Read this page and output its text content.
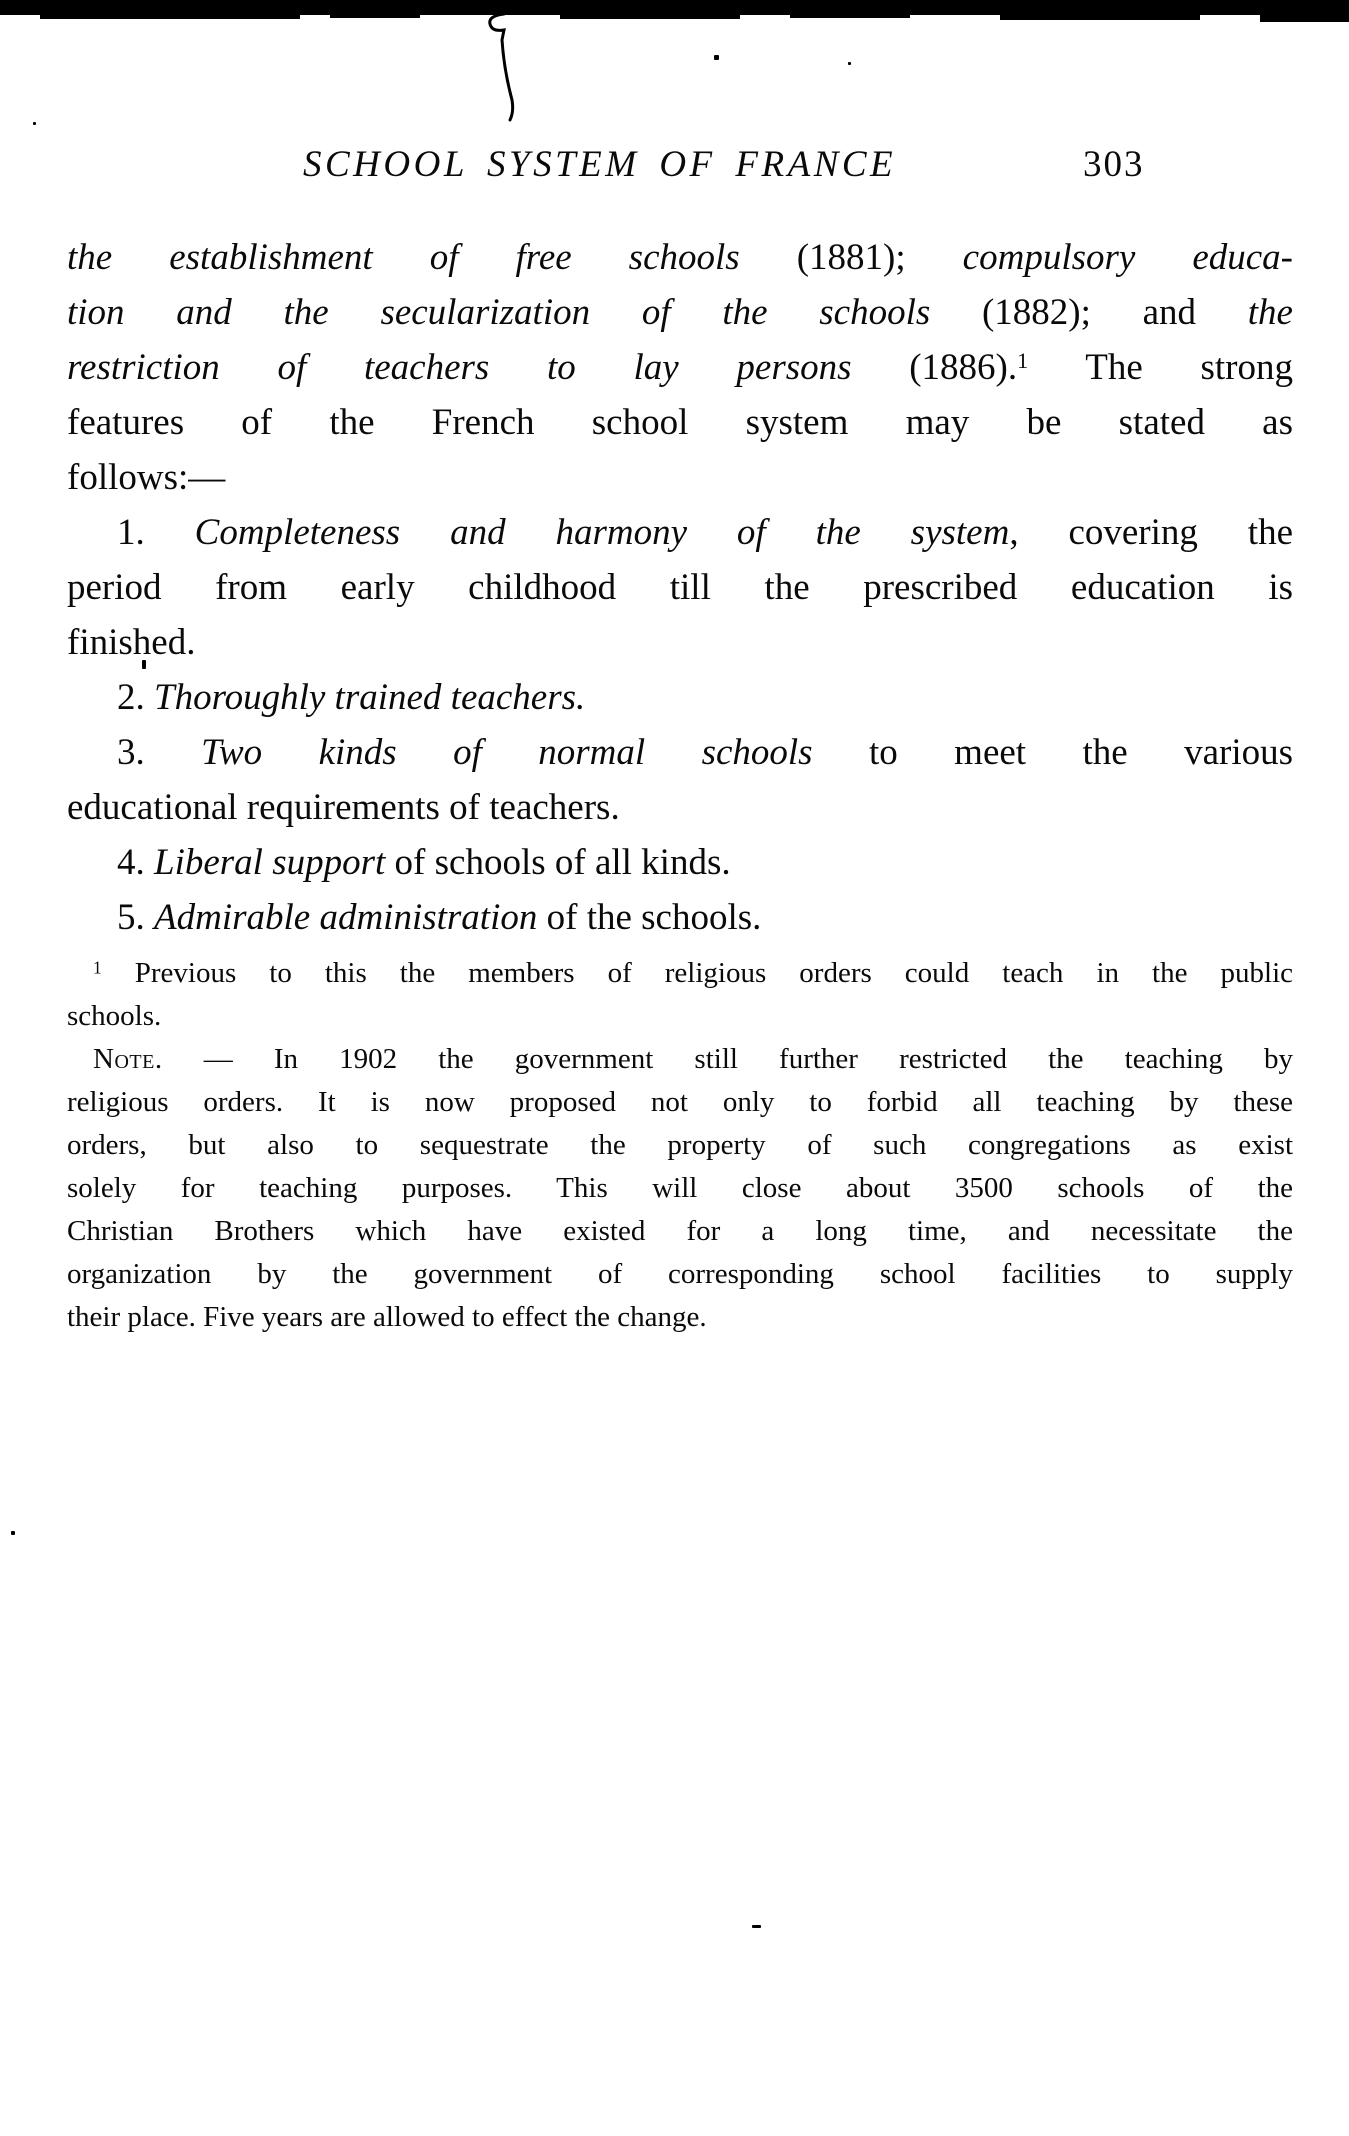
SCHOOL SYSTEM OF FRANCE	303
the establishment of free schools (1881); compulsory educa-
tion and the secularization of the schools (1882); and the
restriction of teachers to lay persons (1886).$^1$ The strong
features of the French school system may be stated as
follows:—
1. Completeness and harmony of the system, covering the
period from early childhood till the prescribed education is
finished.
2. Thoroughly trained teachers.
3. Two kinds of normal schools to meet the various
educational requirements of teachers.
4. Liberal support of schools of all kinds.
5. Admirable administration of the schools.
$^1$ Previous to this the members of religious orders could teach in the public
schools.
Note. — In 1902 the government still further restricted the teaching by
religious orders. It is now proposed not only to forbid all teaching by these
orders, but also to sequestrate the property of such congregations as exist
solely for teaching purposes. This will close about 3500 schools of the
Christian Brothers which have existed for a long time, and necessitate the
organization by the government of corresponding school facilities to supply
their place. Five years are allowed to effect the change.
